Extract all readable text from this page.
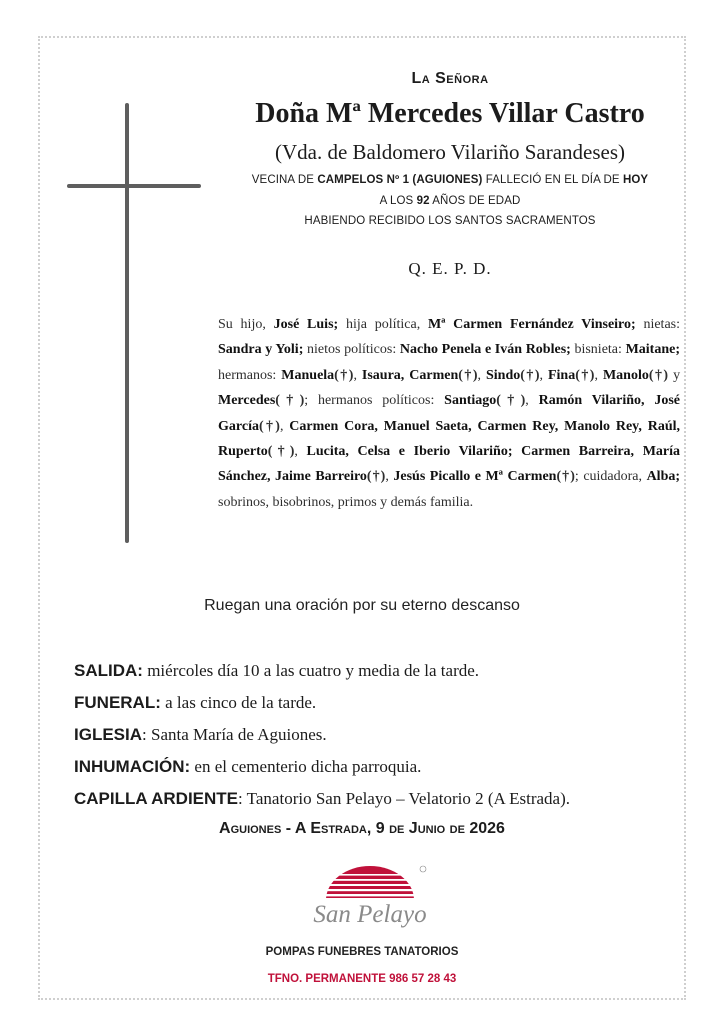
La Señora
Doña Mª Mercedes Villar Castro
(Vda. de Baldomero Vilariño Sarandeses)
VECINA DE CAMPELOS Nº 1 (AGUIONES) FALLECIÓ EN EL DÍA DE HOY
A LOS 92 AÑOS DE EDAD
HABIENDO RECIBIDO LOS SANTOS SACRAMENTOS
Q. E. P. D.
Su hijo, José Luis; hija política, Mª Carmen Fernández Vinseiro; nietas: Sandra y Yoli; nietos políticos: Nacho Penela e Iván Robles; bisnieta: Maitane; hermanos: Manuela(†), Isaura, Carmen(†), Sindo(†), Fina(†), Manolo(†) y Mercedes(†); hermanos políticos: Santiago(†), Ramón Vilariño, José García(†), Carmen Cora, Manuel Saeta, Carmen Rey, Manolo Rey, Raúl, Ruperto(†), Lucita, Celsa e Iberio Vilariño; Carmen Barreira, María Sánchez, Jaime Barreiro(†), Jesús Picallo e Mª Carmen(†); cuidadora, Alba; sobrinos, bisobrinos, primos y demás familia.
Ruegan una oración por su eterno descanso
SALIDA: miércoles día 10 a las cuatro y media de la tarde.
FUNERAL: a las cinco de la tarde.
IGLESIA: Santa María de Aguiones.
INHUMACIÓN: en el cementerio dicha parroquia.
CAPILLA ARDIENTE: Tanatorio San Pelayo – Velatorio 2 (A Estrada).
Aguiones - A Estrada, 9 de Junio de 2026
San Pelayo
POMPAS FUNEBRES TANATORIOS
TFNO. PERMANENTE 986 57 28 43
